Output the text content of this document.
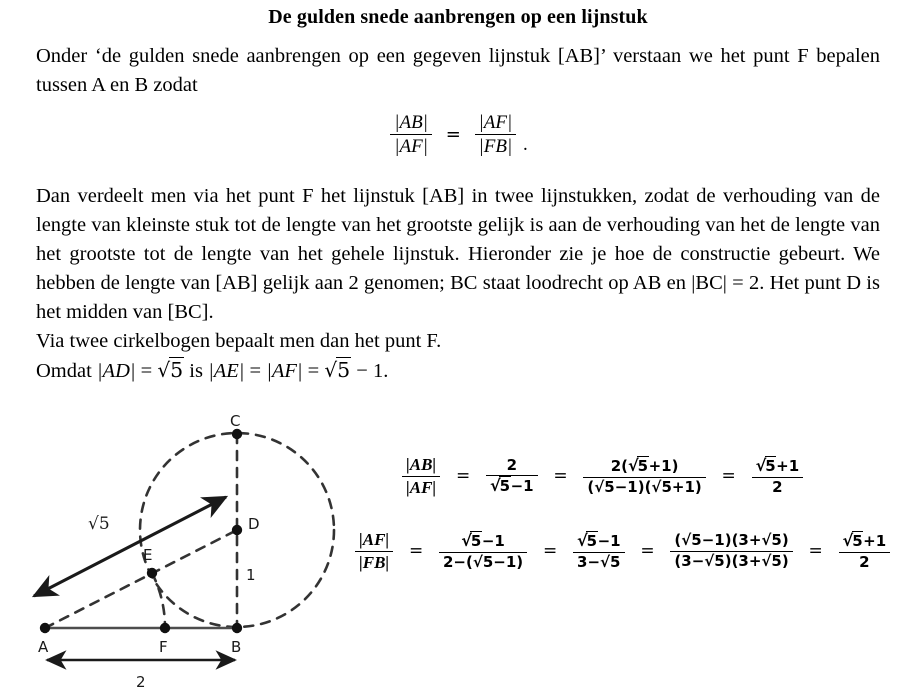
De gulden snede aanbrengen op een lijnstuk
Onder ‘de gulden snede aanbrengen op een gegeven lijnstuk [AB]’ verstaan we het punt F bepalen tussen A en B zodat
$\frac{|AB|}{|AF|} = \frac{|AF|}{|FB|}$ .
Dan verdeelt men via het punt F het lijnstuk [AB] in twee lijnstukken, zodat de verhouding van de lengte van kleinste stuk tot de lengte van het grootste gelijk is aan de verhouding van het de lengte van het grootste tot de lengte van het gehele lijnstuk. Hieronder zie je hoe de constructie gebeurt. We hebben de lengte van [AB] gelijk aan 2 genomen; BC staat loodrecht op AB en |BC| = 2. Het punt D is het midden van [BC].
Via twee cirkelbogen bepaalt men dan het punt F.
Omdat |AD| = √5 is |AE| = |AF| = √5 − 1.
A	F	B
C
D
E
1
2
√5
$\frac{|AB|}{|AF|} = \frac{2}{√5-1} = \frac{2(√5+1)}{(√5-1)(√5+1)} = \frac{√5+1}{2}$
$\frac{|AF|}{|FB|} = \frac{√5-1}{2-(√5-1)} = \frac{√5-1}{3-√5} = \frac{(√5-1)(3+√5)}{(3-√5)(3+√5)} = \frac{√5+1}{2}$
